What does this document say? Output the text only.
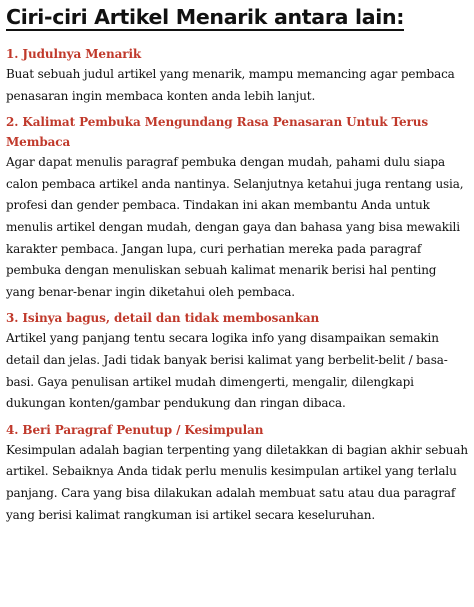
Ciri-ciri Artikel Menarik antara lain:

1. Judulnya Menarik

Buat sebuah judul artikel yang menarik, mampu memancing agar pembaca penasaran ingin membaca konten anda lebih lanjut.

2. Kalimat Pembuka Mengundang Rasa Penasaran Untuk Terus Membaca

Agar dapat menulis paragraf pembuka dengan mudah, pahami dulu siapa calon pembaca artikel anda nantinya. Selanjutnya ketahui juga rentang usia, profesi dan gender pembaca. Tindakan ini akan membantu Anda untuk menulis artikel dengan mudah, dengan gaya dan bahasa yang bisa mewakili karakter pembaca. Jangan lupa, curi perhatian mereka pada paragraf pembuka dengan menuliskan sebuah kalimat menarik berisi hal penting yang benar-benar ingin diketahui oleh pembaca.

3. Isinya bagus, detail dan tidak membosankan

Artikel yang panjang tentu secara logika info yang disampaikan semakin detail dan jelas. Jadi tidak banyak berisi kalimat yang berbelit-belit / basa-basi. Gaya penulisan artikel mudah dimengerti, mengalir, dilengkapi dukungan konten/gambar pendukung dan ringan dibaca.

4. Beri Paragraf Penutup / Kesimpulan

Kesimpulan adalah bagian terpenting yang diletakkan di bagian akhir sebuah artikel. Sebaiknya Anda tidak perlu menulis kesimpulan artikel yang terlalu panjang. Cara yang bisa dilakukan adalah membuat satu atau dua paragraf yang berisi kalimat rangkuman isi artikel secara keseluruhan.
